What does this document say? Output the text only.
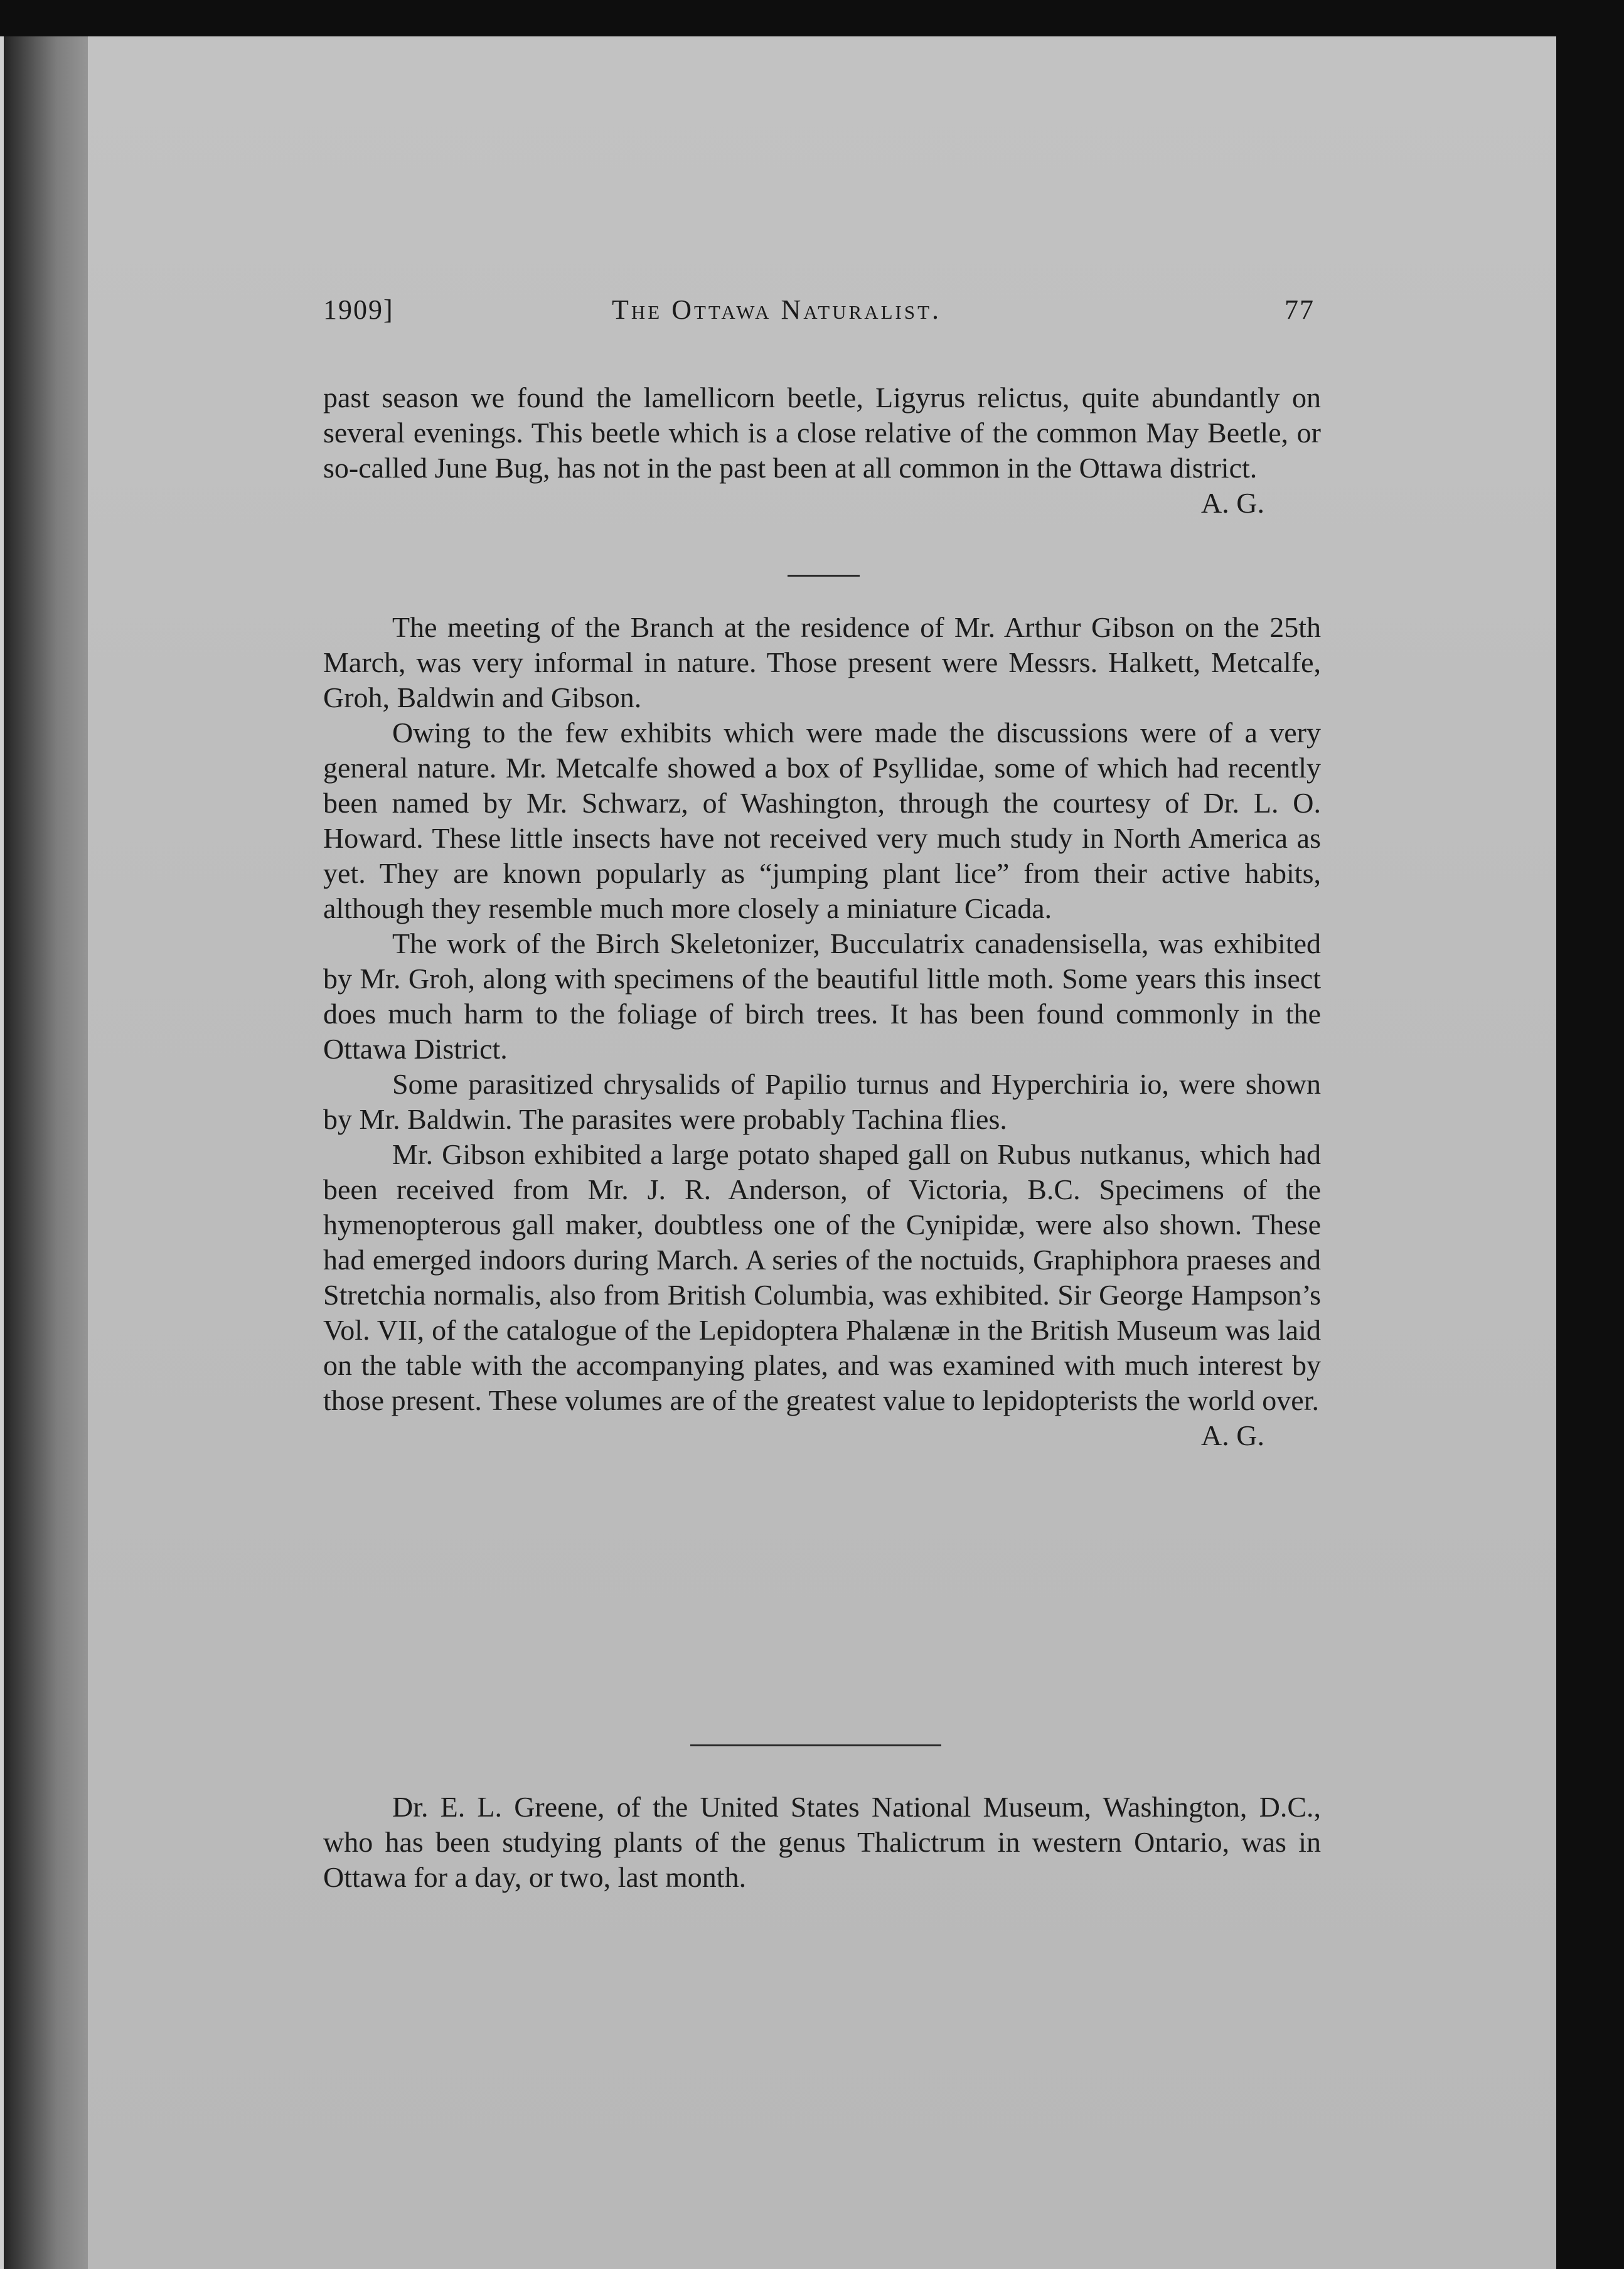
1909]	The Ottawa Naturalist.	77

past season we found the lamellicorn beetle, Ligyrus relictus, quite abundantly on several evenings. This beetle which is a close relative of the common May Beetle, or so-called June Bug, has not in the past been at all common in the Ottawa district.

A. G.

The meeting of the Branch at the residence of Mr. Arthur Gibson on the 25th March, was very informal in nature. Those present were Messrs. Halkett, Metcalfe, Groh, Baldwin and Gibson.

Owing to the few exhibits which were made the discussions were of a very general nature. Mr. Metcalfe showed a box of Psyllidae, some of which had recently been named by Mr. Schwarz, of Washington, through the courtesy of Dr. L. O. Howard. These little insects have not received very much study in North America as yet. They are known popularly as “jumping plant lice” from their active habits, although they resemble much more closely a miniature Cicada.

The work of the Birch Skeletonizer, Bucculatrix canadensisella, was exhibited by Mr. Groh, along with specimens of the beautiful little moth. Some years this insect does much harm to the foliage of birch trees. It has been found commonly in the Ottawa District.

Some parasitized chrysalids of Papilio turnus and Hyperchiria io, were shown by Mr. Baldwin. The parasites were probably Tachina flies.

Mr. Gibson exhibited a large potato shaped gall on Rubus nutkanus, which had been received from Mr. J. R. Anderson, of Victoria, B.C. Specimens of the hymenopterous gall maker, doubtless one of the Cynipidæ, were also shown. These had emerged indoors during March. A series of the noctuids, Graphiphora praeses and Stretchia normalis, also from British Columbia, was exhibited. Sir George Hampson’s Vol. VII, of the catalogue of the Lepidoptera Phalænæ in the British Museum was laid on the table with the accompanying plates, and was examined with much interest by those present. These volumes are of the greatest value to lepidopterists the world over.

A. G.

Dr. E. L. Greene, of the United States National Museum, Washington, D.C., who has been studying plants of the genus Thalictrum in western Ontario, was in Ottawa for a day, or two, last month.
